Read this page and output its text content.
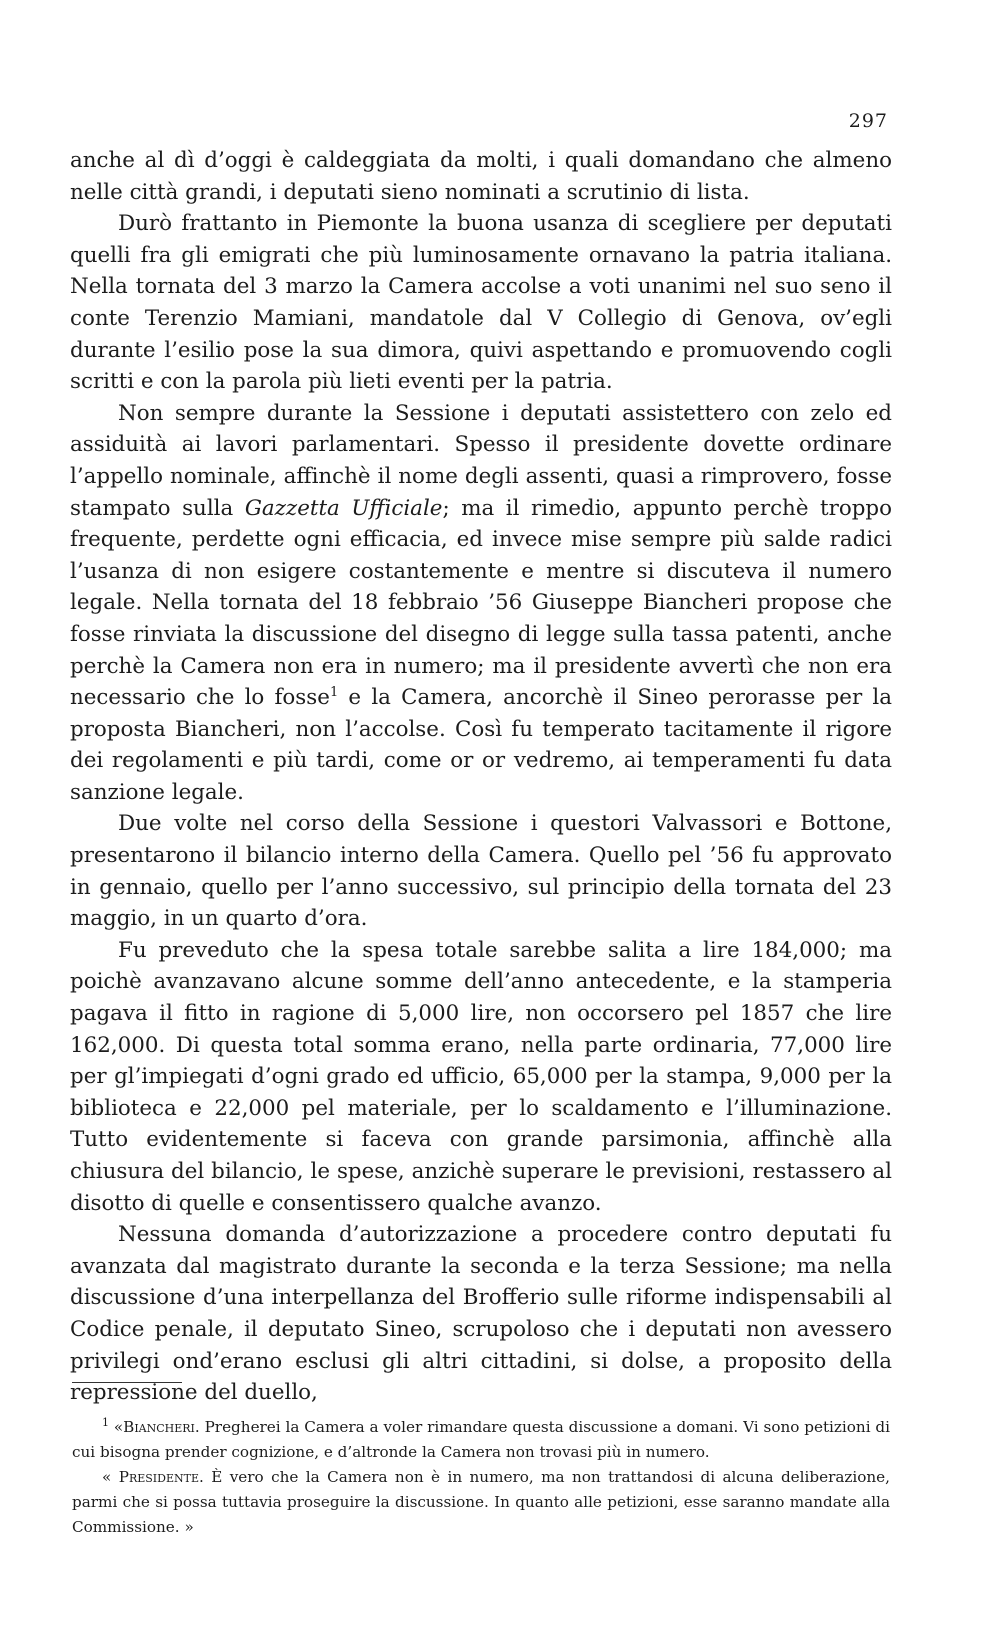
297

anche al dì d’oggi è caldeggiata da molti, i quali domandano che almeno nelle città grandi, i deputati sieno nominati a scrutinio di lista.

Durò frattanto in Piemonte la buona usanza di scegliere per deputati quelli fra gli emigrati che più luminosamente ornavano la patria italiana. Nella tornata del 3 marzo la Camera accolse a voti unanimi nel suo seno il conte Terenzio Mamiani, mandatole dal V Collegio di Genova, ov’egli durante l’esilio pose la sua dimora, quivi aspettando e promuovendo cogli scritti e con la parola più lieti eventi per la patria.

Non sempre durante la Sessione i deputati assistettero con zelo ed assiduità ai lavori parlamentari. Spesso il presidente dovette ordinare l’appello nominale, affinchè il nome degli assenti, quasi a rimprovero, fosse stampato sulla Gazzetta Ufficiale; ma il rimedio, appunto perchè troppo frequente, perdette ogni efficacia, ed invece mise sempre più salde radici l’usanza di non esigere costantemente e mentre si discuteva il numero legale. Nella tornata del 18 febbraio ’56 Giuseppe Biancheri propose che fosse rinviata la discussione del disegno di legge sulla tassa patenti, anche perchè la Camera non era in numero; ma il presidente avvertì che non era necessario che lo fosse$^1$ e la Camera, ancorchè il Sineo perorasse per la proposta Biancheri, non l’accolse. Così fu temperato tacitamente il rigore dei regolamenti e più tardi, come or or vedremo, ai temperamenti fu data sanzione legale.

Due volte nel corso della Sessione i questori Valvassori e Bottone, presentarono il bilancio interno della Camera. Quello pel ’56 fu approvato in gennaio, quello per l’anno successivo, sul principio della tornata del 23 maggio, in un quarto d’ora.

Fu preveduto che la spesa totale sarebbe salita a lire 184,000; ma poichè avanzavano alcune somme dell’anno antecedente, e la stamperia pagava il fitto in ragione di 5,000 lire, non occorsero pel 1857 che lire 162,000. Di questa total somma erano, nella parte ordinaria, 77,000 lire per gl’impiegati d’ogni grado ed ufficio, 65,000 per la stampa, 9,000 per la biblioteca e 22,000 pel materiale, per lo scaldamento e l’illuminazione. Tutto evidentemente si faceva con grande parsimonia, affinchè alla chiusura del bilancio, le spese, anzichè superare le previsioni, restassero al disotto di quelle e consentissero qualche avanzo.

Nessuna domanda d’autorizzazione a procedere contro deputati fu avanzata dal magistrato durante la seconda e la terza Sessione; ma nella discussione d’una interpellanza del Brofferio sulle riforme indispensabili al Codice penale, il deputato Sineo, scrupoloso che i deputati non avessero privilegi ond’erano esclusi gli altri cittadini, si dolse, a proposito della repressione del duello,

$^1$ «Biancheri. Pregherei la Camera a voler rimandare questa discussione a domani. Vi sono petizioni di cui bisogna prender cognizione, e d’altronde la Camera non trovasi più in numero.

« Presidente. È vero che la Camera non è in numero, ma non trattandosi di alcuna deliberazione, parmi che si possa tuttavia proseguire la discussione. In quanto alle petizioni, esse saranno mandate alla Commissione. »
